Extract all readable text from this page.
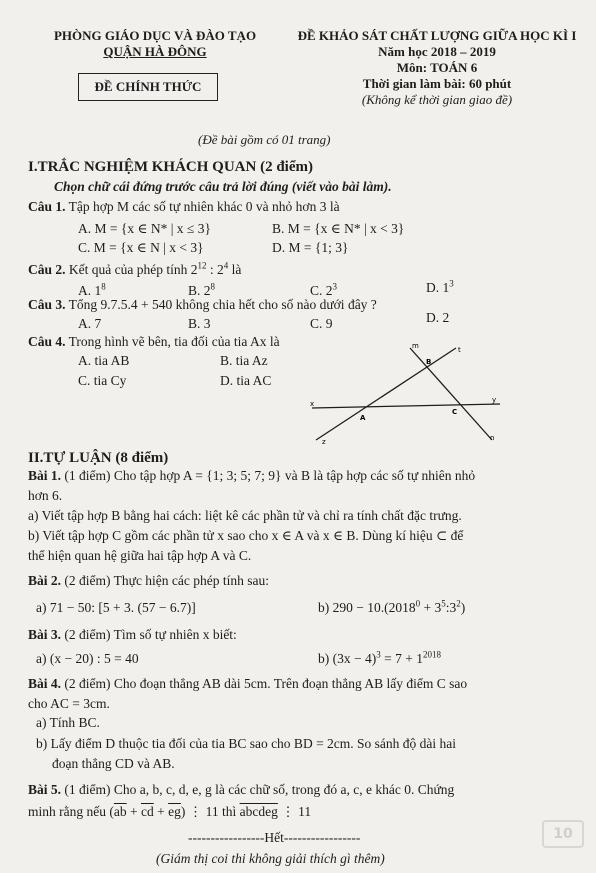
PHÒNG GIÁO DỤC VÀ ĐÀO TẠO
QUẬN HÀ ĐÔNG
ĐỀ CHÍNH THỨC
ĐỀ KHẢO SÁT CHẤT LƯỢNG GIỮA HỌC KÌ I
Năm học 2018 – 2019
Môn: TOÁN 6
Thời gian làm bài: 60 phút
(Không kể thời gian giao đề)
(Đề bài gồm có 01 trang)
I.TRẮC NGHIỆM KHÁCH QUAN (2 điểm)
Chọn chữ cái đứng trước câu trả lời đúng (viết vào bài làm).
Câu 1. Tập hợp M các số tự nhiên khác 0 và nhỏ hơn 3 là
A. M = {x ∈ N* | x ≤ 3}	B. M = {x ∈ N* | x < 3}
C. M = {x ∈ N | x < 3}	D. M = {1; 3}
Câu 2. Kết quả của phép tính $2^{12}$ : $2^4$ là
A. $1^8$	B. $2^8$	C. $2^3$	D. $1^3$
Câu 3. Tổng 9.7.5.4 + 540 không chia hết cho số nào dưới đây ?
A. 7	B. 3	C. 9	D. 2
Câu 4. Trong hình vẽ bên, tia đối của tia Ax là
A. tia AB	B. tia Az
C. tia Cy	D. tia AC
m	t
B
x	y
A
C
z	n
II.TỰ LUẬN (8 điểm)
Bài 1. (1 điểm) Cho tập hợp A = {1; 3; 5; 7; 9} và B là tập hợp các số tự nhiên nhỏ
hơn 6.
a) Viết tập hợp B bằng hai cách: liệt kê các phần tử và chỉ ra tính chất đặc trưng.
b) Viết tập hợp C gồm các phần tử x sao cho x ∈ A và x ∈ B. Dùng kí hiệu ⊂ để
thể hiện quan hệ giữa hai tập hợp A và C.
Bài 2. (2 điểm) Thực hiện các phép tính sau:
a) 71 − 50: [5 + 3. (57 − 6.7)]	b) $290 - 10.(2018^0$ + $3^5:3^2$)
Bài 3. (2 điểm) Tìm số tự nhiên x biết:
a) (x − 20) : 5 = 40	b) $(3x - 4)^3 = 7 + 1^{2018}$
Bài 4. (2 điểm) Cho đoạn thẳng AB dài 5cm. Trên đoạn thẳng AB lấy điểm C sao
cho AC = 3cm.
a) Tính BC.
b) Lấy điểm D thuộc tia đối của tia BC sao cho BD = 2cm. So sánh độ dài hai
đoạn thẳng CD và AB.
Bài 5. (1 điểm) Cho a, b, c, d, e, g là các chữ số, trong đó a, c, e khác 0. Chứng
minh rằng nếu $(\overline{ab} + \overline{cd} + \overline{eg})$ ⋮ 11 thì abcdeg ⋮ 11
-----------------Hết-----------------
(Giám thị coi thi không giải thích gì thêm)
10
